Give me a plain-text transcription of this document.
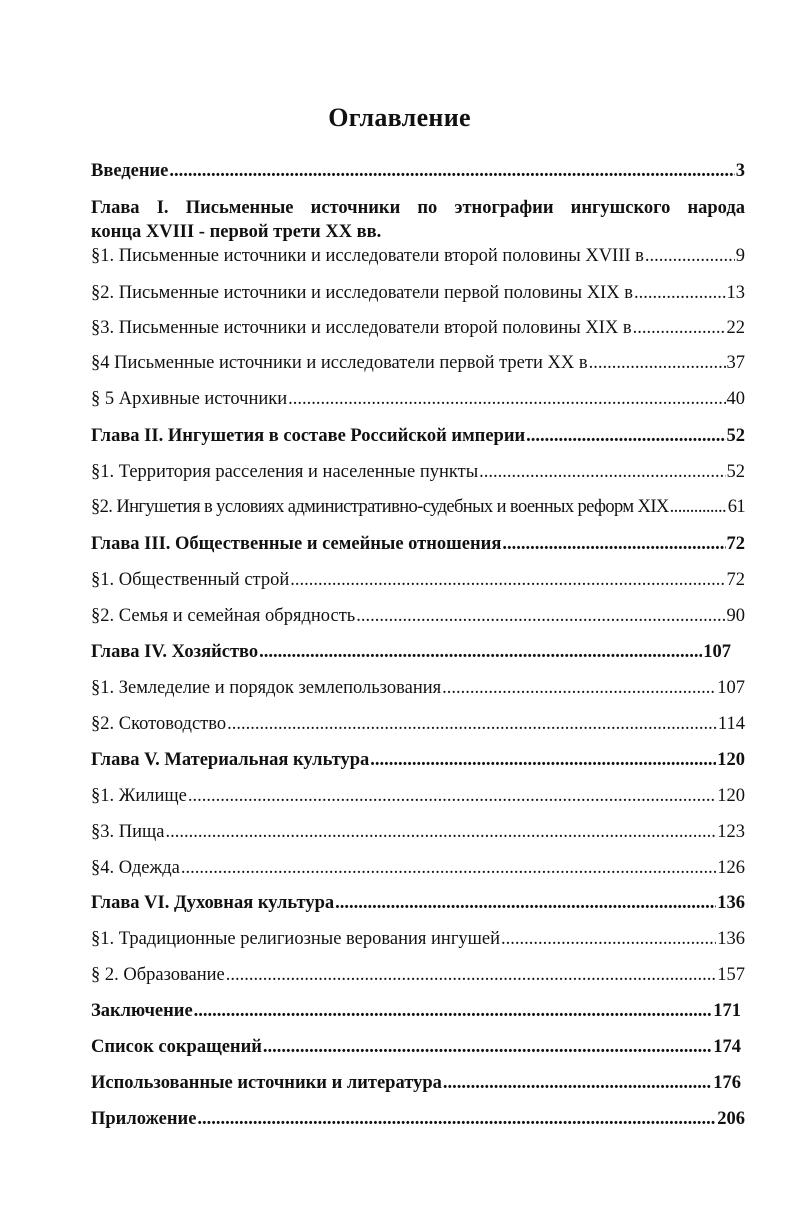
Оглавление
Введение .....	3
Глава I. Письменные источники по этнографии ингушского народа
конца XVIII - первой трети XX вв.
§1. Письменные источники и исследователи второй половины XVIII в .....	9
§2. Письменные источники и исследователи первой половины XIX в .....	13
§3. Письменные источники и исследователи второй половины XIX в .....	22
§4 Письменные источники и исследователи первой трети XX в .....	37
§ 5 Архивные источники .....	40
Глава II. Ингушетия в составе Российской империи .....	52
§1. Территория расселения и населенные пункты .....	52
§2. Ингушетия в условиях административно-судебных и военных реформ XIX .....	61
Глава III. Общественные и семейные отношения .....	72
§1. Общественный строй .....	72
§2. Семья и семейная обрядность .....	90
Глава IV. Хозяйство .....	107
§1. Земледелие и порядок землепользования .....	107
§2. Скотоводство .....	114
Глава V. Материальная культура .....	120
§1. Жилище .....	120
§3. Пища .....	123
§4. Одежда .....	126
Глава VI. Духовная культура .....	136
§1. Традиционные религиозные верования ингушей .....	136
§ 2. Образование .....	157
Заключение .....	171
Список сокращений .....	174
Использованные источники и литература .....	176
Приложение .....	206
